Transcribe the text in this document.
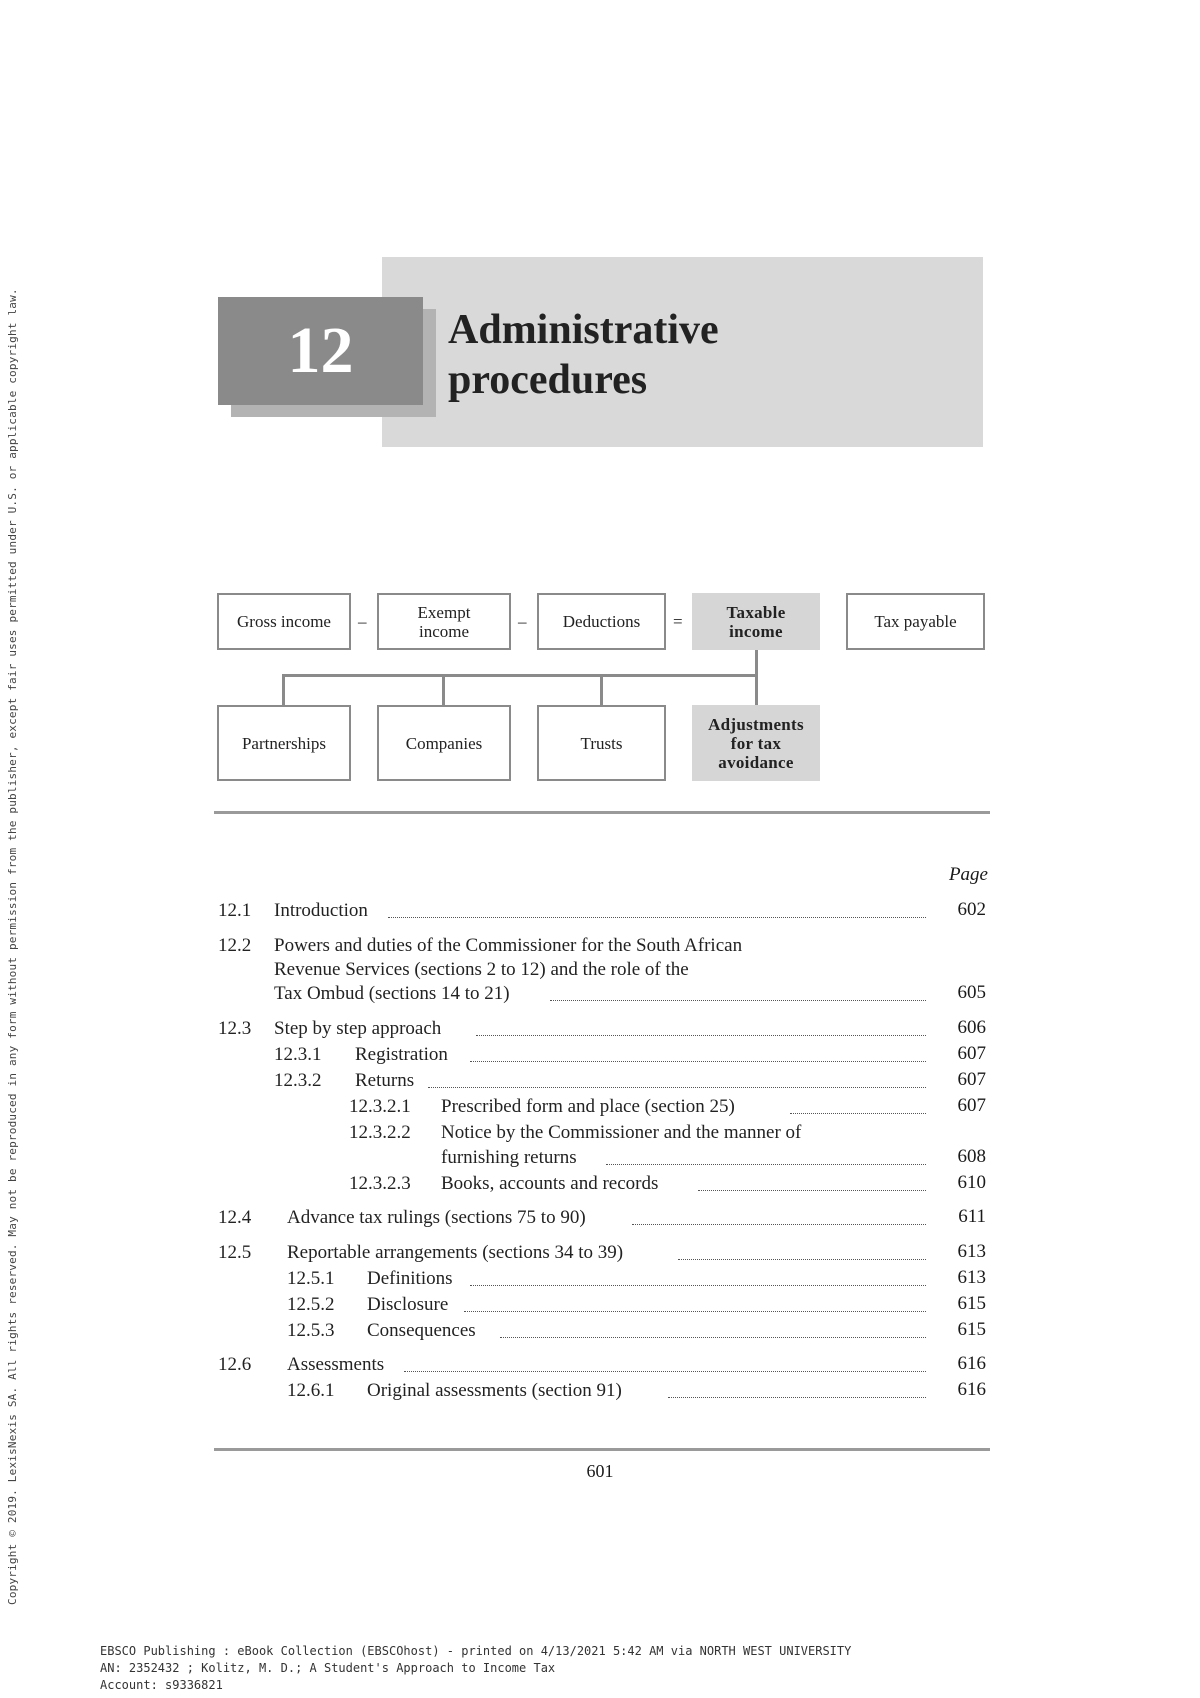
Copyright © 2019. LexisNexis SA. All rights reserved. May not be reproduced in any form without permission from the publisher, except fair uses permitted under U.S. or applicable copyright law.	12	Administrative
procedures
Gross income –	Exempt
income	– Deductions =	Taxable
income	Tax payable
Partnerships	Companies	Trusts
Adjustments
for tax
avoidance
Page
12.1 Introduction	602
12.2 Powers and duties of the Commissioner for the South African
Revenue Services (sections 2 to 12) and the role of the
Tax Ombud (sections 14 to 21)	605
12.3 Step by step approach	606
12.3.1 Registration	607
12.3.2 Returns	607
12.3.2.1 Prescribed form and place (section 25)	607
12.3.2.2 Notice by the Commissioner and the manner of
furnishing returns	608
12.3.2.3 Books, accounts and records	610
12.4 Advance tax rulings (sections 75 to 90)	611
12.5 Reportable arrangements (sections 34 to 39)	613
12.5.1 Definitions	613
12.5.2 Disclosure	615
12.5.3 Consequences	615
12.6 Assessments	616
12.6.1 Original assessments (section 91)	616
601
EBSCO Publishing : eBook Collection (EBSCOhost) - printed on 4/13/2021 5:42 AM via NORTH WEST UNIVERSITY
AN: 2352432 ; Kolitz, M. D.; A Student's Approach to Income Tax
Account: s9336821
